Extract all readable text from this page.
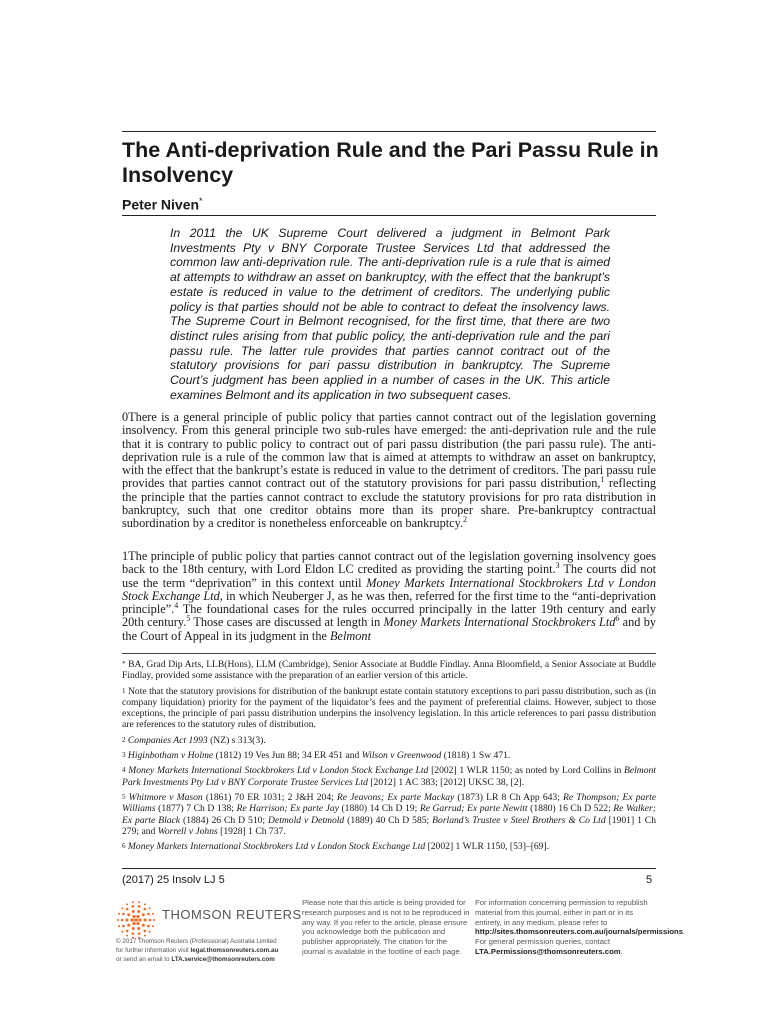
The Anti-deprivation Rule and the Pari Passu Rule in Insolvency
Peter Niven*
In 2011 the UK Supreme Court delivered a judgment in Belmont Park Investments Pty v BNY Corporate Trustee Services Ltd that addressed the common law anti-deprivation rule. The anti-deprivation rule is a rule that is aimed at attempts to withdraw an asset on bankruptcy, with the effect that the bankrupt’s estate is reduced in value to the detriment of creditors. The underlying public policy is that parties should not be able to contract to defeat the insolvency laws. The Supreme Court in Belmont recognised, for the first time, that there are two distinct rules arising from that public policy, the anti-deprivation rule and the pari passu rule. The latter rule provides that parties cannot contract out of the statutory provisions for pari passu distribution in bankruptcy. The Supreme Court’s judgment has been applied in a number of cases in the UK. This article examines Belmont and its application in two subsequent cases.
0There is a general principle of public policy that parties cannot contract out of the legislation governing insolvency. From this general principle two sub-rules have emerged: the anti-deprivation rule and the rule that it is contrary to public policy to contract out of pari passu distribution (the pari passu rule). The anti-deprivation rule is a rule of the common law that is aimed at attempts to withdraw an asset on bankruptcy, with the effect that the bankrupt’s estate is reduced in value to the detriment of creditors. The pari passu rule provides that parties cannot contract out of the statutory provisions for pari passu distribution,$^1$ reflecting the principle that the parties cannot contract to exclude the statutory provisions for pro rata distribution in bankruptcy, such that one creditor obtains more than its proper share. Pre-bankruptcy contractual subordination by a creditor is nonetheless enforceable on bankruptcy.$^2$
1The principle of public policy that parties cannot contract out of the legislation governing insolvency goes back to the 18th century, with Lord Eldon LC credited as providing the starting point.$^3$ The courts did not use the term “deprivation” in this context until Money Markets International Stockbrokers Ltd v London Stock Exchange Ltd, in which Neuberger J, as he was then, referred for the first time to the “anti-deprivation principle”.$^4$ The foundational cases for the rules occurred principally in the latter 19th century and early 20th century.$^5$ Those cases are discussed at length in Money Markets International Stockbrokers Ltd$^6$ and by the Court of Appeal in its judgment in the Belmont

* BA, Grad Dip Arts, LLB(Hons), LLM (Cambridge), Senior Associate at Buddle Findlay. Anna Bloomfield, a Senior Associate at Buddle Findlay, provided some assistance with the preparation of an earlier version of this article.

$^1$ Note that the statutory provisions for distribution of the bankrupt estate contain statutory exceptions to pari passu distribution, such as (in company liquidation) priority for the payment of the liquidator’s fees and the payment of preferential claims. However, subject to those exceptions, the principle of pari passu distribution underpins the insolvency legislation. In this article references to pari passu distribution are references to the statutory rules of distribution.

$^2$ Companies Act 1993 (NZ) s 313(3).

$^3$ Higinbotham v Holme (1812) 19 Ves Jun 88; 34 ER 451 and Wilson v Greenwood (1818) 1 Sw 471.

$^4$ Money Markets International Stockbrokers Ltd v London Stock Exchange Ltd [2002] 1 WLR 1150; as noted by Lord Collins in Belmont Park Investments Pty Ltd v BNY Corporate Trustee Services Ltd [2012] 1 AC 383; [2012] UKSC 38, [2].

$^5$ Whitmore v Mason (1861) 70 ER 1031; 2 J&H 204; Re Jeavons; Ex parte Mackay (1873) LR 8 Ch App 643; Re Thompson; Ex parte Williams (1877) 7 Ch D 138; Re Harrison; Ex parte Jay (1880) 14 Ch D 19; Re Garrud; Ex parte Newitt (1880) 16 Ch D 522; Re Walker; Ex parte Black (1884) 26 Ch D 510; Detmold v Detmold (1889) 40 Ch D 585; Borland’s Trustee v Steel Brothers & Co Ltd [1901] 1 Ch 279; and Worrell v Johns [1928] 1 Ch 737.

$^6$ Money Markets International Stockbrokers Ltd v London Stock Exchange Ltd [2002] 1 WLR 1150, [53]–[69].

(2017) 25 Insolv LJ 5	5
THOMSON REUTERS
© 2017 Thomson Reuters (Professional) Australia Limited
for further information visit legal.thomsonreuters.com.au
or send an email to LTA.service@thomsonreuters.com
Please note that this article is being provided for research purposes and is not to be reproduced in any way. If you refer to the article, please ensure you acknowledge both the publication and publisher appropriately. The citation for the journal is available in the footline of each page.
For information concerning permission to republish material from this journal, either in part or in its entirety, in any medium, please refer to http://sites.thomsonreuters.com.au/journals/permissions. For general permission queries, contact LTA.Permissions@thomsonreuters.com.
